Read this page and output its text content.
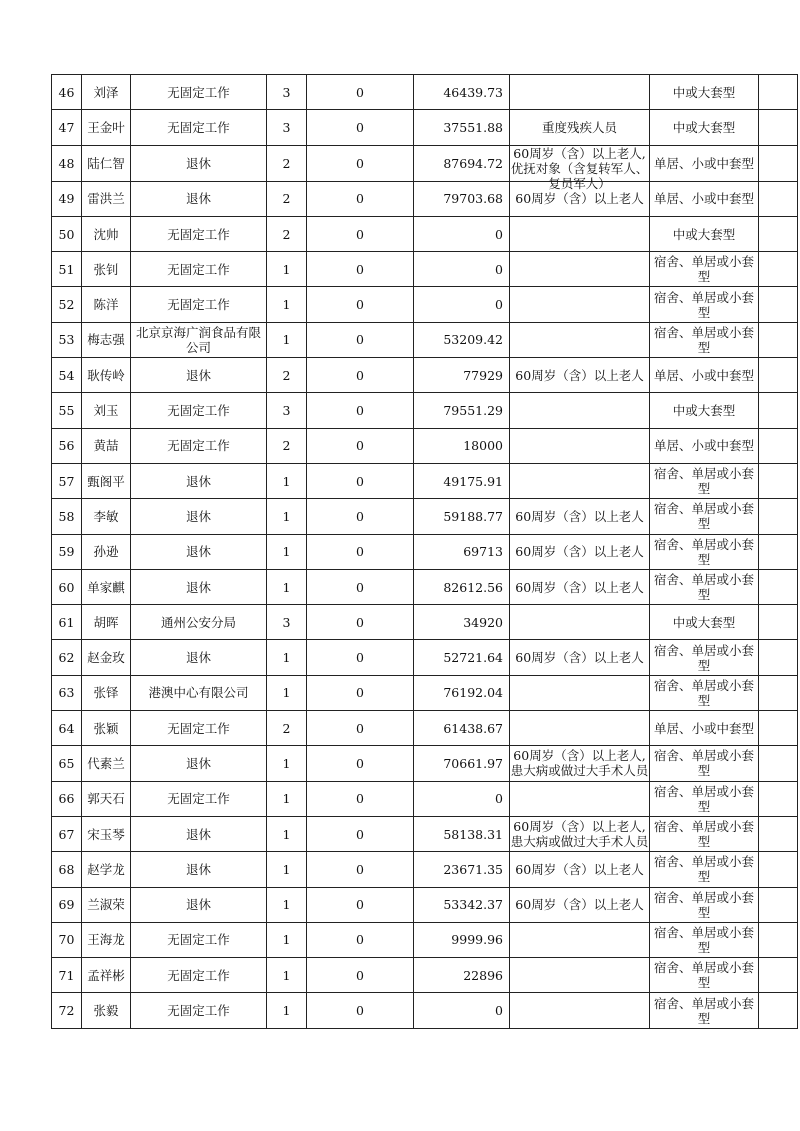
46	刘泽	无固定工作	3	0	46439.73		中或大套型	

47	王金叶	无固定工作	3	0	37551.88	重度残疾人员	中或大套型	

48	陆仁智	退休	2	0	87694.72	60周岁（含）以上老人,优抚对象（含复转军人、复员军人）	单居、小或中套型	

49	雷洪兰	退休	2	0	79703.68	60周岁（含）以上老人	单居、小或中套型	

50	沈帅	无固定工作	2	0	0		中或大套型	

51	张钊	无固定工作	1	0	0		宿舍、单居或小套型	

52	陈洋	无固定工作	1	0	0		宿舍、单居或小套型	

53	梅志强	北京京海广润食品有限公司	1	0	53209.42		宿舍、单居或小套型	

54	耿传岭	退休	2	0	77929	60周岁（含）以上老人	单居、小或中套型	

55	刘玉	无固定工作	3	0	79551.29		中或大套型	

56	黄喆	无固定工作	2	0	18000		单居、小或中套型	

57	甄阁平	退休	1	0	49175.91		宿舍、单居或小套型	

58	李敏	退休	1	0	59188.77	60周岁（含）以上老人	宿舍、单居或小套型	

59	孙逊	退休	1	0	69713	60周岁（含）以上老人	宿舍、单居或小套型	

60	单家麒	退休	1	0	82612.56	60周岁（含）以上老人	宿舍、单居或小套型	

61	胡晖	通州公安分局	3	0	34920		中或大套型	

62	赵金玫	退休	1	0	52721.64	60周岁（含）以上老人	宿舍、单居或小套型	

63	张铎	港澳中心有限公司	1	0	76192.04		宿舍、单居或小套型	

64	张颖	无固定工作	2	0	61438.67		单居、小或中套型	

65	代素兰	退休	1	0	70661.97	60周岁（含）以上老人,患大病或做过大手术人员	宿舍、单居或小套型	

66	郭天石	无固定工作	1	0	0		宿舍、单居或小套型	

67	宋玉琴	退休	1	0	58138.31	60周岁（含）以上老人,患大病或做过大手术人员	宿舍、单居或小套型	

68	赵学龙	退休	1	0	23671.35	60周岁（含）以上老人	宿舍、单居或小套型	

69	兰淑荣	退休	1	0	53342.37	60周岁（含）以上老人	宿舍、单居或小套型	

70	王海龙	无固定工作	1	0	9999.96		宿舍、单居或小套型	

71	孟祥彬	无固定工作	1	0	22896		宿舍、单居或小套型	

72	张毅	无固定工作	1	0	0		宿舍、单居或小套型	
